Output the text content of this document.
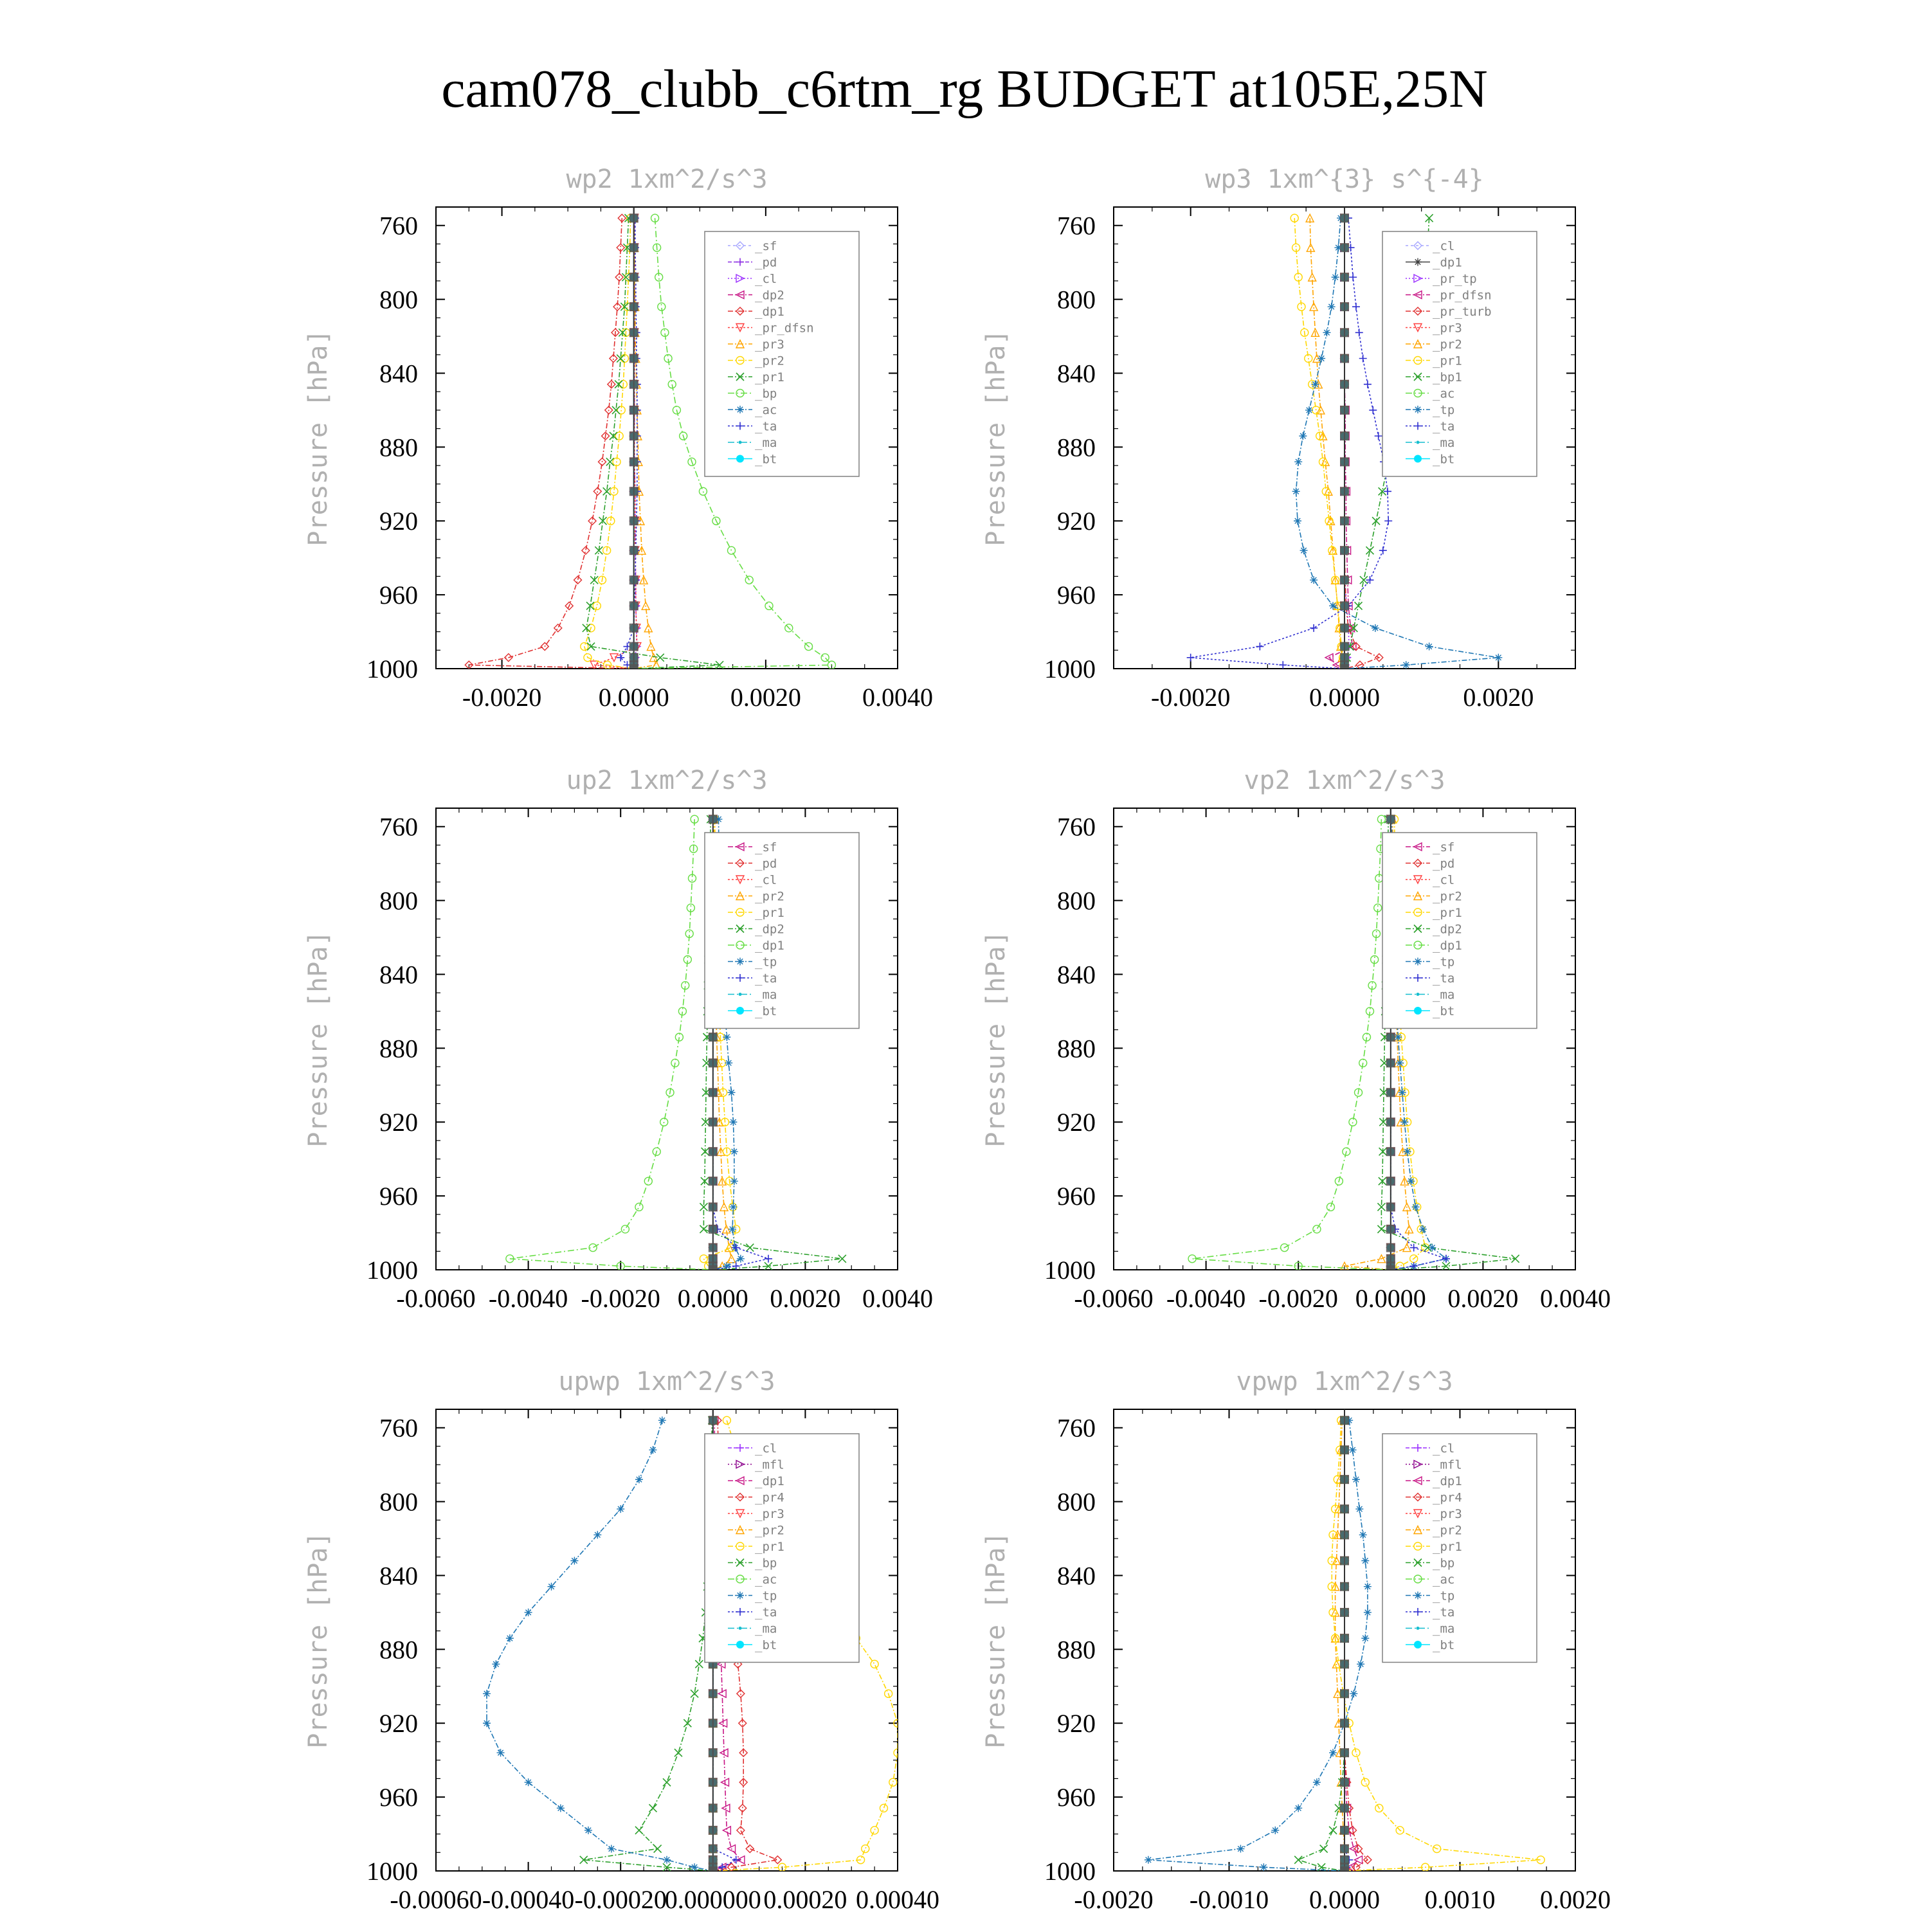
cam078_clubb_c6rtm_rg BUDGET at105E,25N
wp2 1xm^2/s^3
Pressure [hPa]
-0.0020 0.0000 0.0020 0.0040
760
800
840
880
920
960
1000
_sf
_pd
_cl
_dp2
_dp1
_pr_dfsn
_pr3
_pr2
_pr1
_bp
_ac
_ta
_ma
_bt
wp3 1xm^{3} s^{-4}
Pressure [hPa]
-0.0020	0.0000	0.0020
760
800
840
880
920
960
1000
_cl
_dp1
_pr_tp
_pr_dfsn
_pr_turb
_pr3
_pr2
_pr1
_bp1
_ac
_tp
_ta
_ma
_bt
up2 1xm^2/s^3
Pressure [hPa]
-0.0060 -0.0040 -0.0020 0.0000 0.0020 0.0040
760
800
840
880
920
960
1000
_sf
_pd
_cl
_pr2
_pr1
_dp2
_dp1
_tp
_ta
_ma
_bt
vp2 1xm^2/s^3
Pressure [hPa]
-0.0060 -0.0040 -0.0020 0.0000 0.0020 0.0040
760
800
840
880
920
960
1000
_sf
_pd
_cl
_pr2
_pr1
_dp2
_dp1
_tp
_ta
_ma
_bt
upwp 1xm^2/s^3
Pressure [hPa]
-0.00060 -0.00040 -0.00020
0.000000 0.00020 0.00040
760
800
840
880
920
960
1000
_cl
_mfl
_dp1
_pr4
_pr3
_pr2
_pr1
_bp
_ac
_tp
_ta
_ma
_bt
vpwp 1xm^2/s^3
Pressure [hPa]
-0.0020 -0.0010 0.0000 0.0010 0.0020
760
800
840
880
920
960
1000
_cl
_mfl
_dp1
_pr4
_pr3
_pr2
_pr1
_bp
_ac
_tp
_ta
_ma
_bt
